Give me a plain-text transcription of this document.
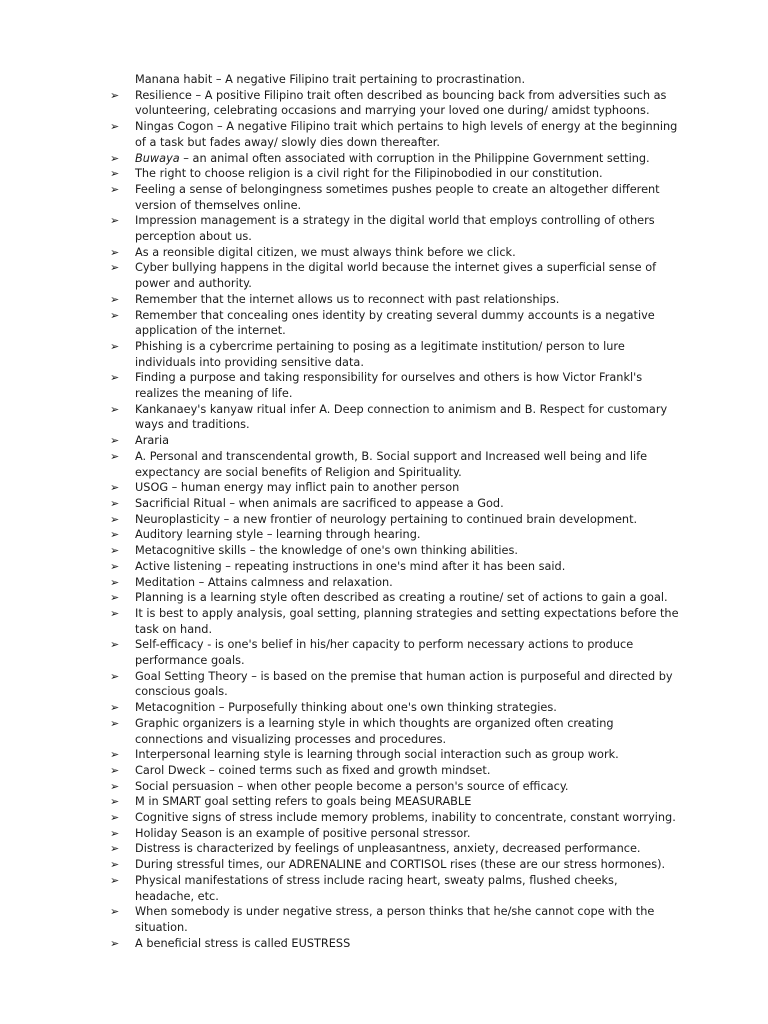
Manana habit – A negative Filipino trait pertaining to procrastination.
➢	Resilience – A positive Filipino trait often described as bouncing back from adversities such as volunteering, celebrating occasions and marrying your loved one during/ amidst typhoons.
➢	Ningas Cogon – A negative Filipino trait which pertains to high levels of energy at the beginning of a task but fades away/ slowly dies down thereafter.
➢	Buwaya – an animal often associated with corruption in the Philippine Government setting.
➢	The right to choose religion is a civil right for the Filipinobodied in our constitution.
➢	Feeling a sense of belongingness sometimes pushes people to create an altogether different version of themselves online.
➢	Impression management is a strategy in the digital world that employs controlling of others perception about us.
➢	As a reonsible digital citizen, we must always think before we click.
➢	Cyber bullying happens in the digital world because the internet gives a superficial sense of power and authority.
➢	Remember that the internet allows us to reconnect with past relationships.
➢	Remember that concealing ones identity by creating several dummy accounts is a negative application of the internet.
➢	Phishing is a cybercrime pertaining to posing as a legitimate institution/ person to lure individuals into providing sensitive data.
➢	Finding a purpose and taking responsibility for ourselves and others is how Victor Frankl's realizes the meaning of life.
➢	Kankanaey's kanyaw ritual infer A. Deep connection to animism and B. Respect for customary ways and traditions.
➢	Araria
➢	A. Personal and transcendental growth, B. Social support and Increased well being and life expectancy are social benefits of Religion and Spirituality.
➢	USOG – human energy may inflict pain to another person
➢	Sacrificial Ritual – when animals are sacrificed to appease a God.
➢	Neuroplasticity – a new frontier of neurology pertaining to continued brain development.
➢	Auditory learning style – learning through hearing.
➢	Metacognitive skills – the knowledge of one's own thinking abilities.
➢	Active listening – repeating instructions in one's mind after it has been said.
➢	Meditation – Attains calmness and relaxation.
➢	Planning is a learning style often described as creating a routine/ set of actions to gain a goal.
➢	It is best to apply analysis, goal setting, planning strategies and setting expectations before the task on hand.
➢	Self-efficacy - is one's belief in his/her capacity to perform necessary actions to produce performance goals.
➢	Goal Setting Theory – is based on the premise that human action is purposeful and directed by conscious goals.
➢	Metacognition – Purposefully thinking about one's own thinking strategies.
➢	Graphic organizers is a learning style in which thoughts are organized often creating connections and visualizing processes and procedures.
➢	Interpersonal learning style is learning through social interaction such as group work.
➢	Carol Dweck – coined terms such as fixed and growth mindset.
➢	Social persuasion – when other people become a person's source of efficacy.
➢	M in SMART goal setting refers to goals being MEASURABLE
➢	Cognitive signs of stress include memory problems, inability to concentrate, constant worrying.
➢	Holiday Season is an example of positive personal stressor.
➢	Distress is characterized by feelings of unpleasantness, anxiety, decreased performance.
➢	During stressful times, our ADRENALINE and CORTISOL rises (these are our stress hormones).
➢	Physical manifestations of stress include racing heart, sweaty palms, flushed cheeks, headache, etc.
➢	When somebody is under negative stress, a person thinks that he/she cannot cope with the situation.
➢	A beneficial stress is called EUSTRESS
